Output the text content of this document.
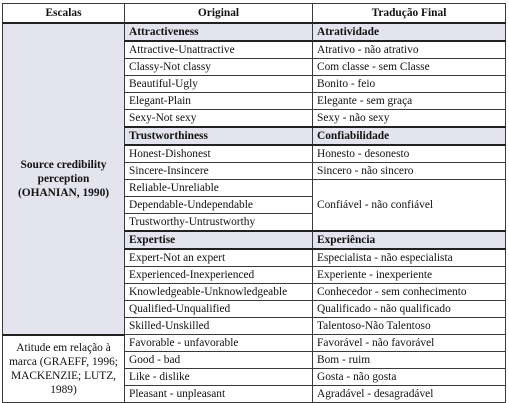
Escalas	Original	Tradução Final
Source credibility perception (OHANIAN, 1990)	Attractiveness	Atratividade
	Attractive-Unattractive	Atrativo - não atrativo
	Classy-Not classy	Com classe - sem Classe
	Beautiful-Ugly	Bonito - feio
	Elegant-Plain	Elegante - sem graça
	Sexy-Not sexy	Sexy - não sexy
	Trustworthiness	Confiabilidade
	Honest-Dishonest	Honesto - desonesto
	Sincere-Insincere	Sincero - não sincero
	Reliable-Unreliable	Confiável - não confiável
	Dependable-Undependable	
	Trustworthy-Untrustworthy	
	Expertise	Experiência
	Expert-Not an expert	Especialista - não especialista
	Experienced-Inexperienced	Experiente - inexperiente
	Knowledgeable-Unknowledgeable	Conhecedor - sem conhecimento
	Qualified-Unqualified	Qualificado - não qualificado
	Skilled-Unskilled	Talentoso-Não Talentoso
Atitude em relação à marca (GRAEFF, 1996; MACKENZIE; LUTZ, 1989)	Favorable - unfavorable	Favorável - não favorável
	Good - bad	Bom - ruim
	Like - dislike	Gosta - não gosta
	Pleasant - unpleasant	Agradável - desagradável
